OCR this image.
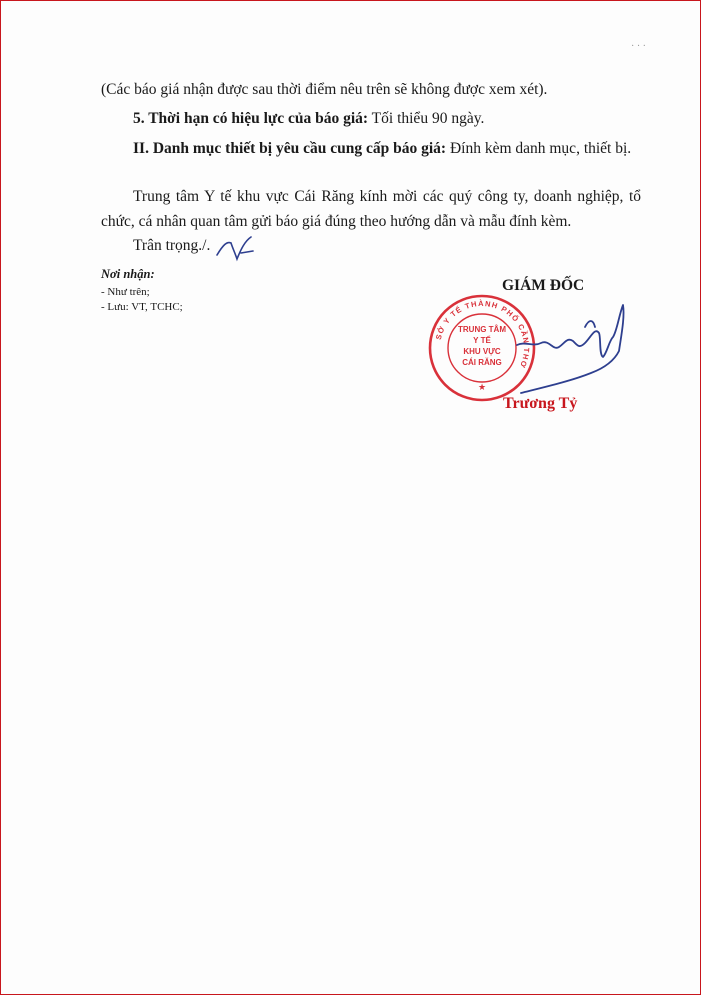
· · ·

(Các báo giá nhận được sau thời điểm nêu trên sẽ không được xem xét).

5. Thời hạn có hiệu lực của báo giá: Tối thiểu 90 ngày.

II. Danh mục thiết bị yêu cầu cung cấp báo giá: Đính kèm danh mục, thiết bị.

Trung tâm Y tế khu vực Cái Răng kính mời các quý công ty, doanh nghiệp, tổ chức, cá nhân quan tâm gửi báo giá đúng theo hướng dẫn và mẫu đính kèm.

Trân trọng./.

Nơi nhận:

- Như trên;

- Lưu: VT, TCHC;

GIÁM ĐỐC

SỞ Y TẾ THÀNH PHỐ CẦN THƠ
TRUNG TÂM
Y TẾ
KHU VỰC
CÁI RĂNG
★

Trương Tỷ
